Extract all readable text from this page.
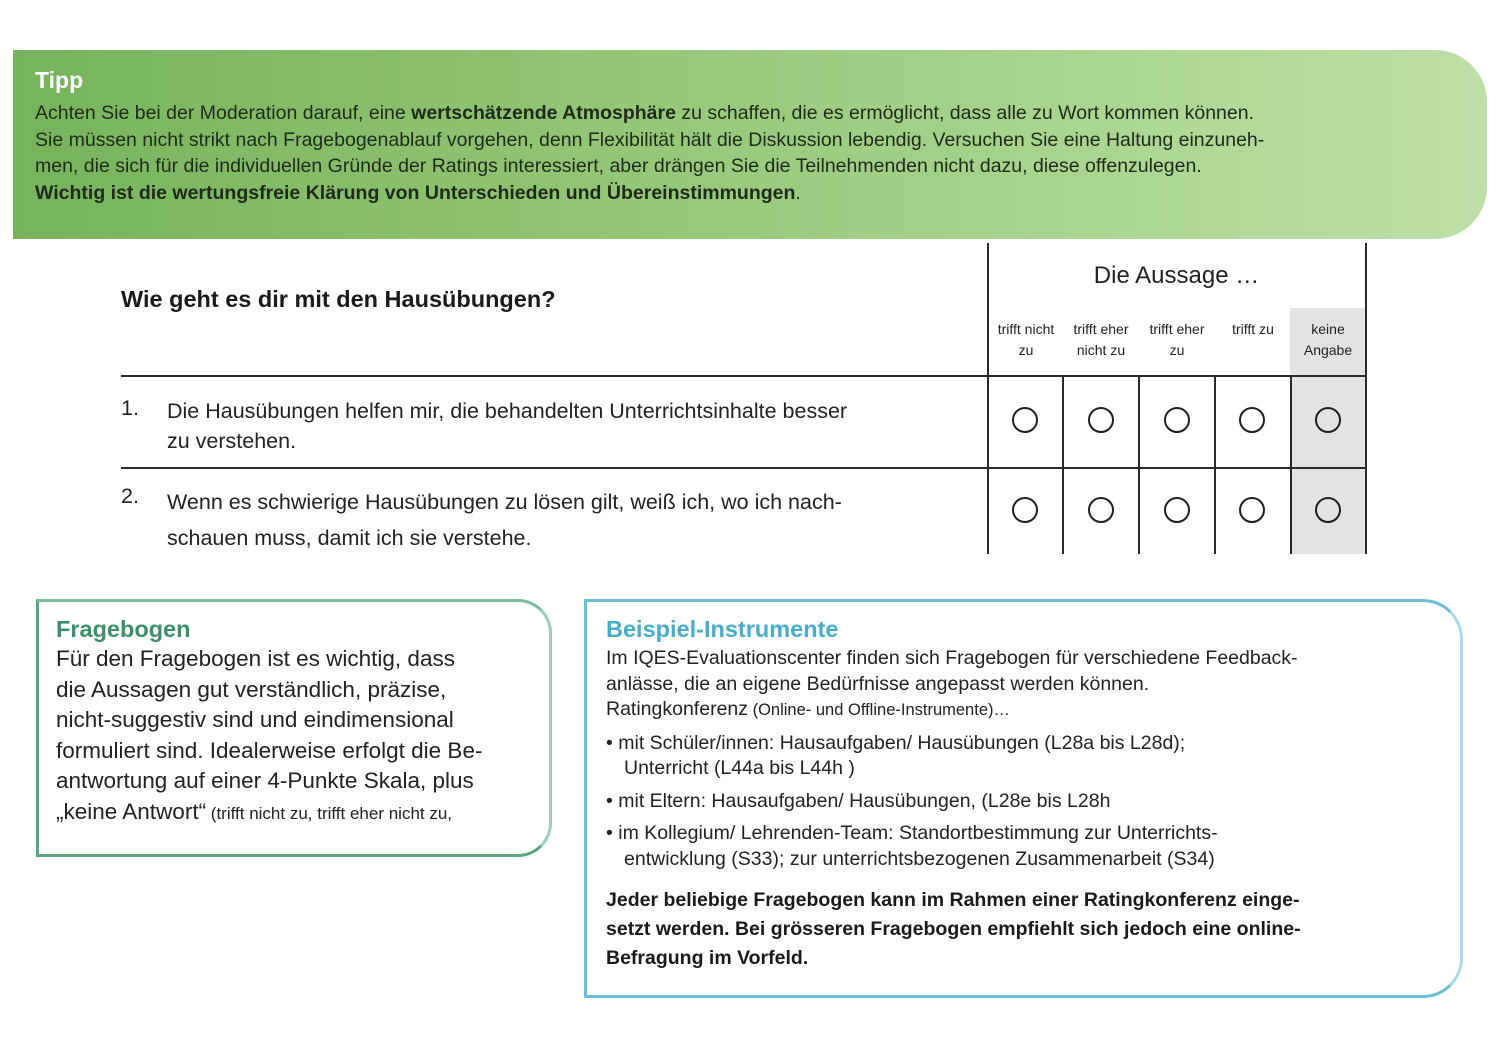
Tipp
Achten Sie bei der Moderation darauf, eine wertschätzende Atmosphäre zu schaffen, die es ermöglicht, dass alle zu Wort kommen können.
Sie müssen nicht strikt nach Fragebogenablauf vorgehen, denn Flexibilität hält die Diskussion lebendig. Versuchen Sie eine Haltung einzuneh-
men, die sich für die individuellen Gründe der Ratings interessiert, aber drängen Sie die Teilnehmenden nicht dazu, diese offenzulegen.
Wichtig ist die wertungsfreie Klärung von Unterschieden und Übereinstimmungen.
Wie geht es dir mit den Hausübungen?
Die Aussage …
trifft nicht
zu
trifft eher
nicht zu
trifft eher
zu
trifft zu	keine
Angabe
1. Die Hausübungen helfen mir, die behandelten Unterrichtsinhalte besser
zu verstehen.
2. Wenn es schwierige Hausübungen zu lösen gilt, weiß ich, wo ich nach-
schauen muss, damit ich sie verstehe.
Fragebogen
Für den Fragebogen ist es wichtig, dass
die Aussagen gut verständlich, präzise,
nicht-suggestiv sind und eindimensional
formuliert sind. Idealerweise erfolgt die Be-
antwortung auf einer 4-Punkte Skala, plus
„keine Antwort“ (trifft nicht zu, trifft eher nicht zu,
Beispiel-Instrumente
Im IQES-Evaluationscenter finden sich Fragebogen für verschiedene Feedback-
anlässe, die an eigene Bedürfnisse angepasst werden können.
Ratingkonferenz (Online- und Offline-Instrumente)…
• mit Schüler/innen: Hausaufgaben/ Hausübungen (L28a bis L28d);
Unterricht (L44a bis L44h )
• mit Eltern: Hausaufgaben/ Hausübungen, (L28e bis L28h
• im Kollegium/ Lehrenden-Team: Standortbestimmung zur Unterrichts-
entwicklung (S33); zur unterrichtsbezogenen Zusammenarbeit (S34)
Jeder beliebige Fragebogen kann im Rahmen einer Ratingkonferenz einge-
setzt werden. Bei grösseren Fragebogen empfiehlt sich jedoch eine online-
Befragung im Vorfeld.
